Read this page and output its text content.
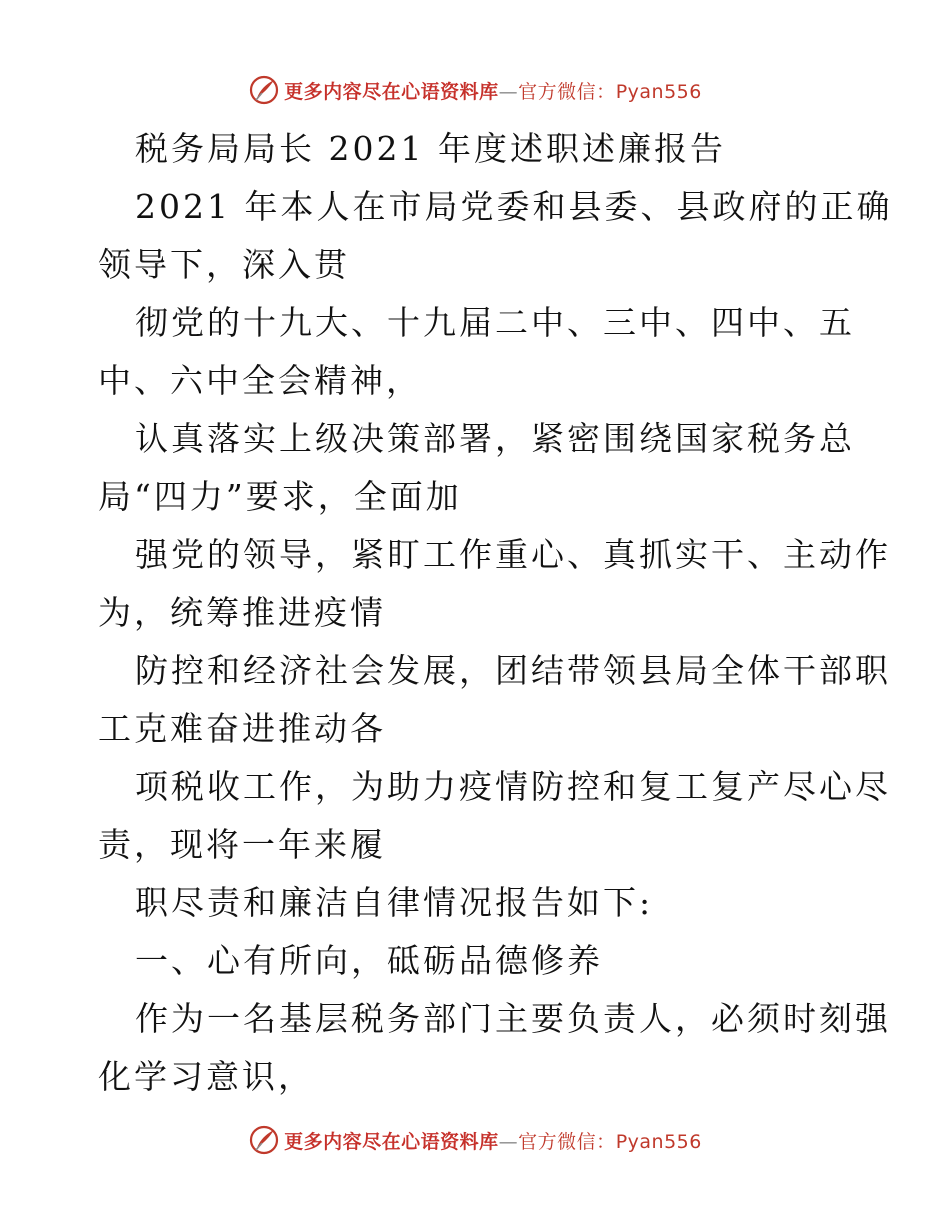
更多内容尽在心语资料库—官方微信：Pyan556

税务局局长 2021 年度述职述廉报告

2021 年本人在市局党委和县委、县政府的正确
领导下，深入贯

彻党的十九大、十九届二中、三中、四中、五
中、六中全会精神，

认真落实上级决策部署，紧密围绕国家税务总
局“四力”要求，全面加

强党的领导，紧盯工作重心、真抓实干、主动作
为，统筹推进疫情

防控和经济社会发展，团结带领县局全体干部职
工克难奋进推动各

项税收工作，为助力疫情防控和复工复产尽心尽
责，现将一年来履

职尽责和廉洁自律情况报告如下:

一、心有所向，砥砺品德修养

作为一名基层税务部门主要负责人，必须时刻强
化学习意识，

更多内容尽在心语资料库—官方微信：Pyan556
